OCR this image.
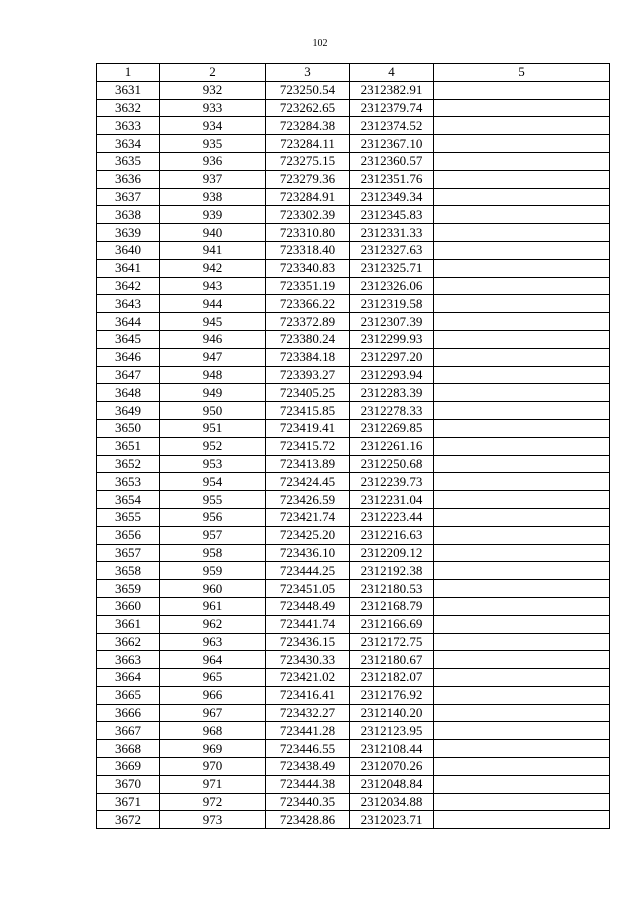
102
1	2	3	4	5
3631	932	723250.54	2312382.91	
3632	933	723262.65	2312379.74	
3633	934	723284.38	2312374.52	
3634	935	723284.11	2312367.10	
3635	936	723275.15	2312360.57	
3636	937	723279.36	2312351.76	
3637	938	723284.91	2312349.34	
3638	939	723302.39	2312345.83	
3639	940	723310.80	2312331.33	
3640	941	723318.40	2312327.63	
3641	942	723340.83	2312325.71	
3642	943	723351.19	2312326.06	
3643	944	723366.22	2312319.58	
3644	945	723372.89	2312307.39	
3645	946	723380.24	2312299.93	
3646	947	723384.18	2312297.20	
3647	948	723393.27	2312293.94	
3648	949	723405.25	2312283.39	
3649	950	723415.85	2312278.33	
3650	951	723419.41	2312269.85	
3651	952	723415.72	2312261.16	
3652	953	723413.89	2312250.68	
3653	954	723424.45	2312239.73	
3654	955	723426.59	2312231.04	
3655	956	723421.74	2312223.44	
3656	957	723425.20	2312216.63	
3657	958	723436.10	2312209.12	
3658	959	723444.25	2312192.38	
3659	960	723451.05	2312180.53	
3660	961	723448.49	2312168.79	
3661	962	723441.74	2312166.69	
3662	963	723436.15	2312172.75	
3663	964	723430.33	2312180.67	
3664	965	723421.02	2312182.07	
3665	966	723416.41	2312176.92	
3666	967	723432.27	2312140.20	
3667	968	723441.28	2312123.95	
3668	969	723446.55	2312108.44	
3669	970	723438.49	2312070.26	
3670	971	723444.38	2312048.84	
3671	972	723440.35	2312034.88	
3672	973	723428.86	2312023.71	
